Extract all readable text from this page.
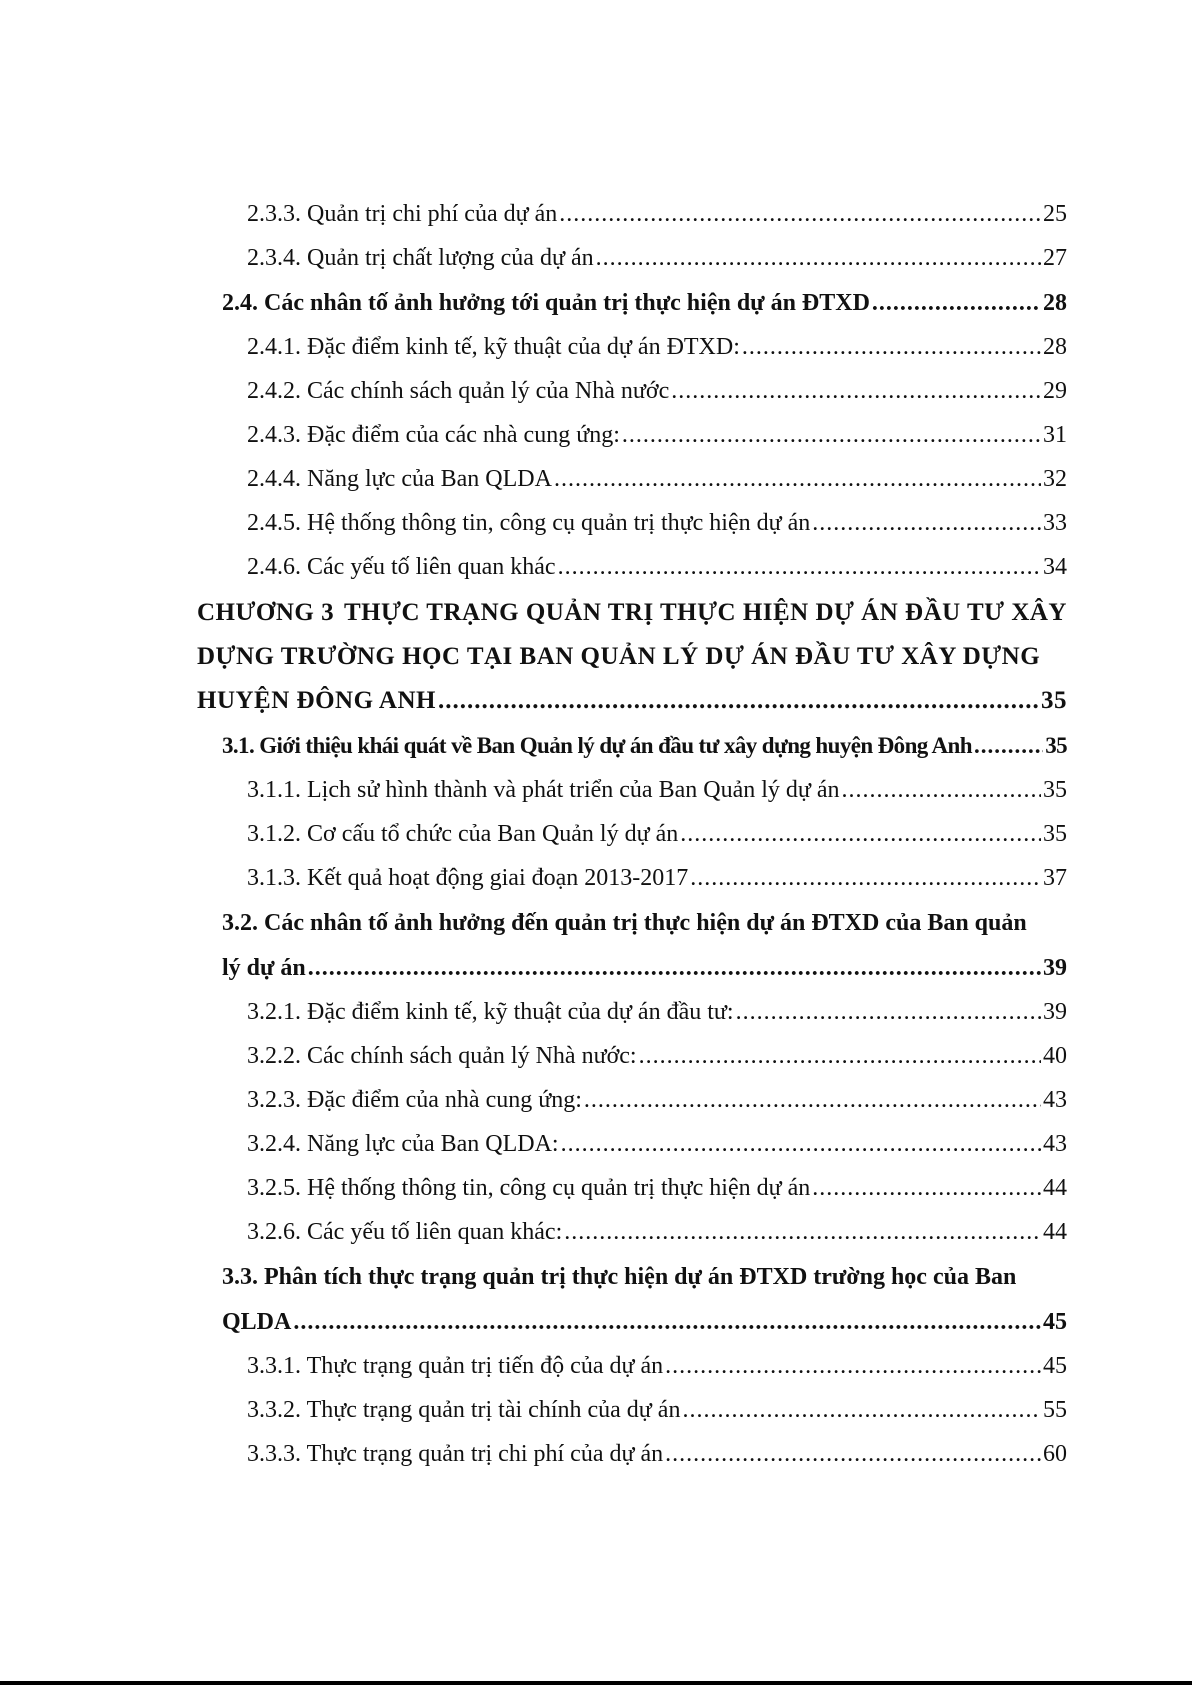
2.3.3. Quản trị chi phí của dự án .....	25
2.3.4. Quản trị chất lượng của dự án .....	27
2.4. Các nhân tố ảnh hưởng tới quản trị thực hiện dự án ĐTXD .....	28
2.4.1. Đặc điểm kinh tế, kỹ thuật của dự án ĐTXD: .....	28
2.4.2. Các chính sách quản lý của Nhà nước .....	29
2.4.3. Đặc điểm của các nhà cung ứng: .....	31
2.4.4. Năng lực của Ban QLDA .....	32
2.4.5. Hệ thống thông tin, công cụ quản trị thực hiện dự án .....	33
2.4.6. Các yếu tố liên quan khác .....	34
CHƯƠNG 3 THỰC TRẠNG QUẢN TRỊ THỰC HIỆN DỰ ÁN ĐẦU TƯ XÂY
DỰNG TRƯỜNG HỌC TẠI BAN QUẢN LÝ DỰ ÁN ĐẦU TƯ XÂY DỰNG
HUYỆN ĐÔNG ANH .....	35
3.1. Giới thiệu khái quát về Ban Quản lý dự án đầu tư xây dựng huyện Đông Anh .....	35
3.1.1. Lịch sử hình thành và phát triển của Ban Quản lý dự án .....	35
3.1.2. Cơ cấu tổ chức của Ban Quản lý dự án .....	35
3.1.3. Kết quả hoạt động giai đoạn 2013-2017 .....	37
3.2. Các nhân tố ảnh hưởng đến quản trị thực hiện dự án ĐTXD của Ban quản
lý dự án .....	39
3.2.1. Đặc điểm kinh tế, kỹ thuật của dự án đầu tư: .....	39
3.2.2. Các chính sách quản lý Nhà nước: .....	40
3.2.3. Đặc điểm của nhà cung ứng: .....	43
3.2.4. Năng lực của Ban QLDA: .....	43
3.2.5. Hệ thống thông tin, công cụ quản trị thực hiện dự án .....	44
3.2.6. Các yếu tố liên quan khác: .....	44
3.3. Phân tích thực trạng quản trị thực hiện dự án ĐTXD trường học của Ban
QLDA .....	45
3.3.1. Thực trạng quản trị tiến độ của dự án .....	45
3.3.2. Thực trạng quản trị tài chính của dự án .....	55
3.3.3. Thực trạng quản trị chi phí của dự án .....	60
